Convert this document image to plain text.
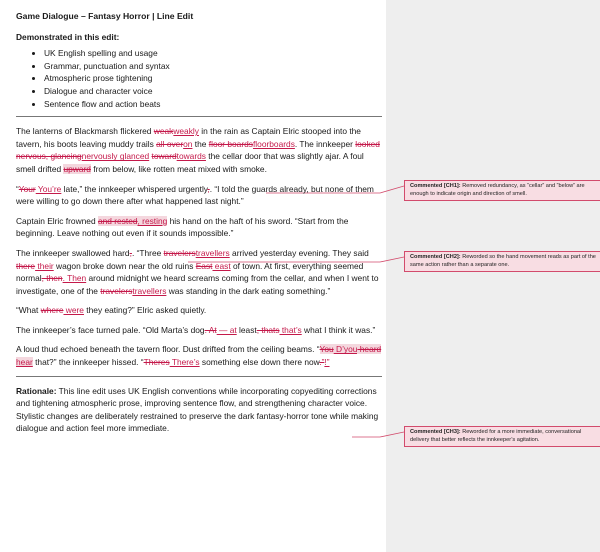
Game Dialogue – Fantasy Horror | Line Edit
Demonstrated in this edit:
• UK English spelling and usage
• Grammar, punctuation and syntax
• Atmospheric prose tightening
• Dialogue and character voice
• Sentence flow and action beats

The lanterns of Blackmarsh flickered weakweakly in the rain as Captain Elric stooped into the tavern, his boots leaving muddy trails all overon the floor boardsfloorboards. The innkeeper looked nervous, glancingnervously glanced towardtowards the cellar door that was slightly ajar. A foul smell drifted upward from below, like rotten meat mixed with smoke.

“Your You’re late,” the innkeeper whispered urgently,. “I told the guards already, but none of them were willing to go down there after what happened last night.”

Captain Elric frowned and rested, resting his hand on the haft of his sword. “Start from the beginning. Leave nothing out even if it sounds impossible.”

The innkeeper swallowed hard,. “Three travelerstravellers arrived yesterday evening. They said there their wagon broke down near the old ruins East east of town. At first, everything seemed normal, then. Then around midnight we heard screams coming from the cellar, and when I went to investigate, one of the travelerstravellers was standing in the dark eating something.”

“What where were they eating?” Elric asked quietly.

The innkeeper’s face turned pale. “Old Marta’s dog. At — at least, thats that’s what I think it was.”

A loud thud echoed beneath the tavern floor. Dust drifted from the ceiling beams. “You D’you heard hear that?” the innkeeper hissed. “Theres There’s something else down there now.”!”

Rationale: This line edit uses UK English conventions while incorporating copyediting corrections and tightening atmospheric prose, improving sentence flow, and strengthening character voice. Stylistic changes are deliberately restrained to preserve the dark fantasy-horror tone while making dialogue and action feel more immediate.

Commented [CH1]: Removed redundancy, as “cellar” and “below” are enough to indicate origin and direction of smell.
Commented [CH2]: Reworded so the hand movement reads as part of the same action rather than a separate one.
Commented [CH3]: Reworded for a more immediate, conversational delivery that better reflects the innkeeper’s agitation.
